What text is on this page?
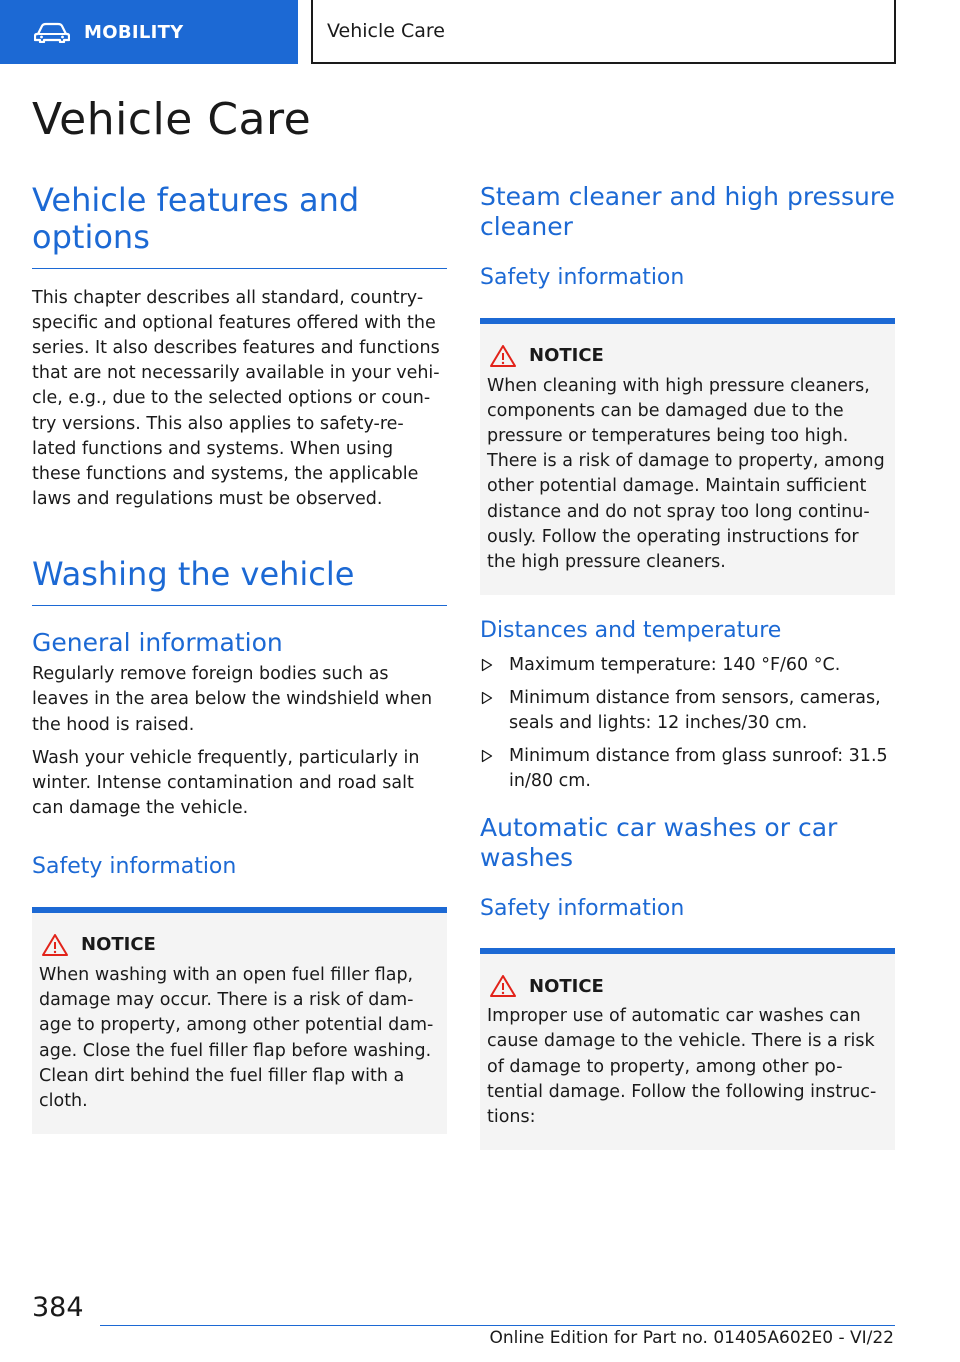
MOBILITY	Vehicle Care
Vehicle Care
Vehicle features and options

This chapter describes all standard, country-specific and optional features offered with the series. It also describes features and functions that are not necessarily available in your vehi-cle, e.g., due to the selected options or coun-try versions. This also applies to safety-re-lated functions and systems. When using these functions and systems, the applicable laws and regulations must be observed.

Washing the vehicle
General information

Regularly remove foreign bodies such as leaves in the area below the windshield when the hood is raised.

Wash your vehicle frequently, particularly in winter. Intense contamination and road salt can damage the vehicle.

Safety information
NOTICE

When washing with an open fuel filler flap, damage may occur. There is a risk of dam-age to property, among other potential dam-age. Close the fuel filler flap before washing. Clean dirt behind the fuel filler flap with a cloth.

Steam cleaner and high pressure cleaner
Safety information
NOTICE

When cleaning with high pressure cleaners, components can be damaged due to the pressure or temperatures being too high. There is a risk of damage to property, among other potential damage. Maintain sufficient distance and do not spray too long continu-ously. Follow the operating instructions for the high pressure cleaners.

Distances and temperature
Maximum temperature: 140 °F/60 °C.
Minimum distance from sensors, cameras, seals and lights: 12 inches/30 cm.
Minimum distance from glass sunroof: 31.5 in/80 cm.
Automatic car washes or car washes
Safety information
NOTICE

Improper use of automatic car washes can cause damage to the vehicle. There is a risk of damage to property, among other po-tential damage. Follow the following instruc-tions:

384
Online Edition for Part no. 01405A602E0 - VI/22
